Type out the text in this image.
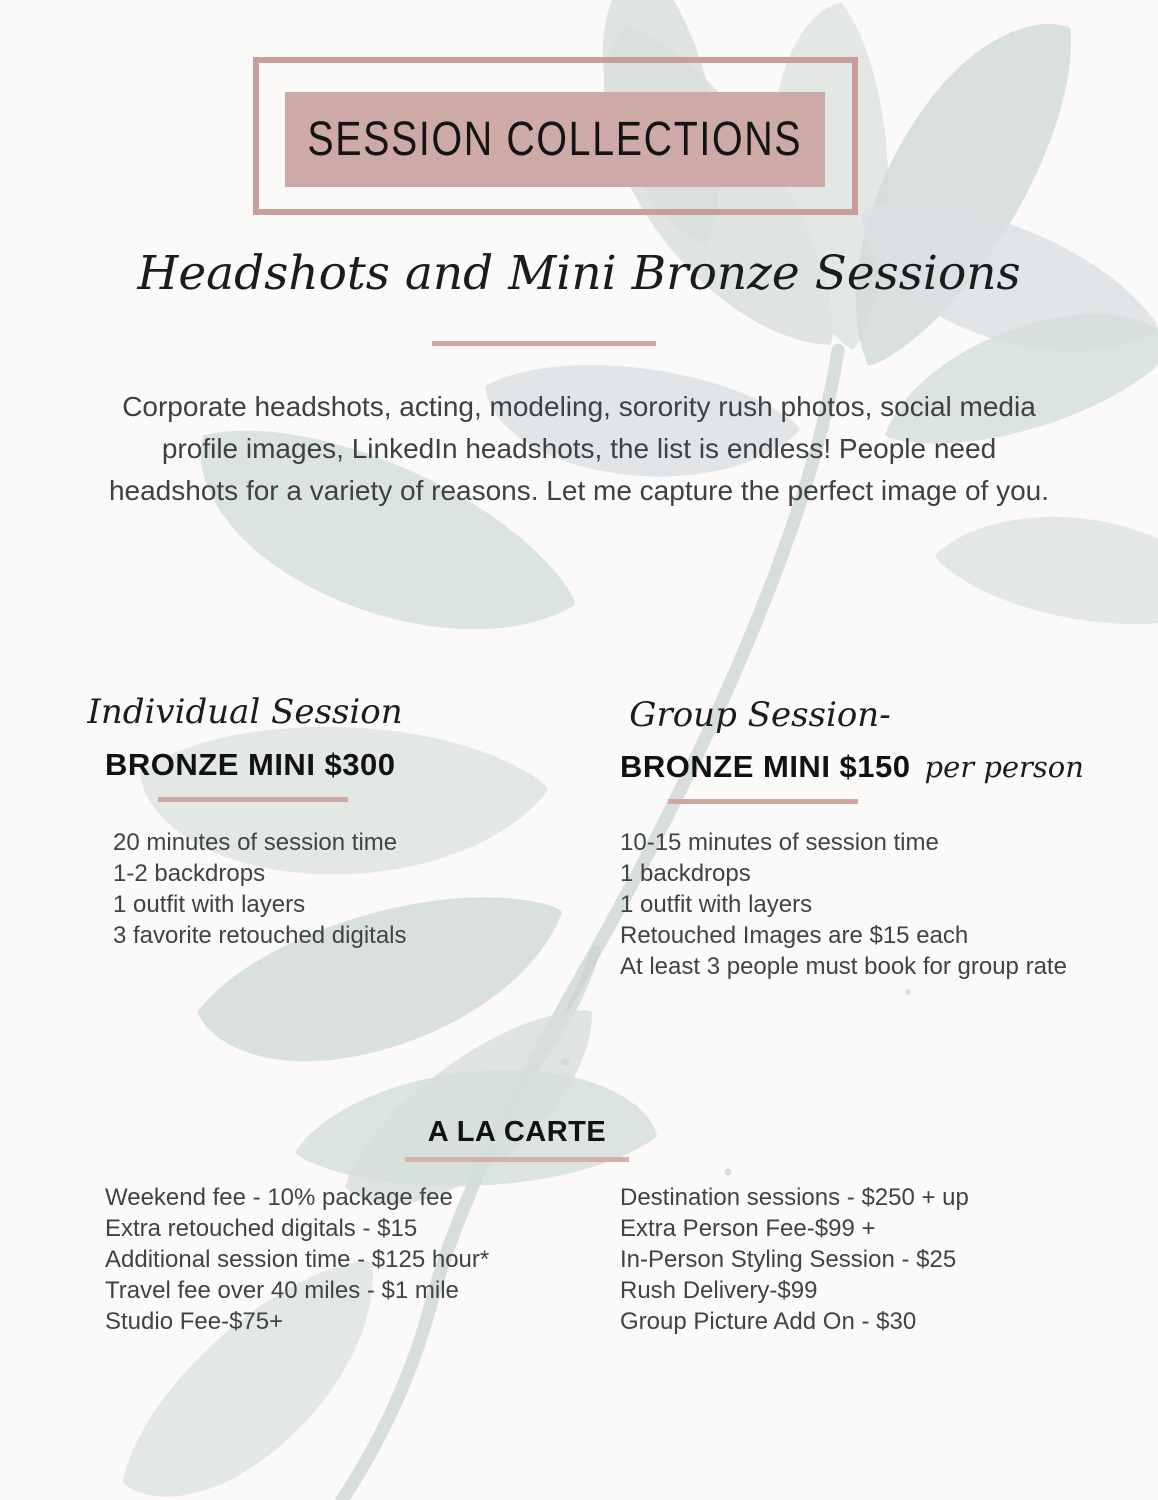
SESSION COLLECTIONS
Headshots and Mini Bronze Sessions
Corporate headshots, acting, modeling, sorority rush photos, social media profile images, LinkedIn headshots, the list is endless! People need headshots for a variety of reasons. Let me capture the perfect image of you.
Individual Session
BRONZE MINI $300
20 minutes of session time
1-2 backdrops
1 outfit with layers
3 favorite retouched digitals
Group Session-
BRONZE MINI $150 per person
10-15 minutes of session time
1 backdrops
1 outfit with layers
Retouched Images are $15 each
At least 3 people must book for group rate
A LA CARTE
Weekend fee - 10% package fee
Extra retouched digitals - $15
Additional session time - $125 hour*
Travel fee over 40 miles - $1 mile
Studio Fee-$75+
Destination sessions - $250 + up
Extra Person Fee-$99 +
In-Person Styling Session - $25
Rush Delivery-$99
Group Picture Add On - $30
